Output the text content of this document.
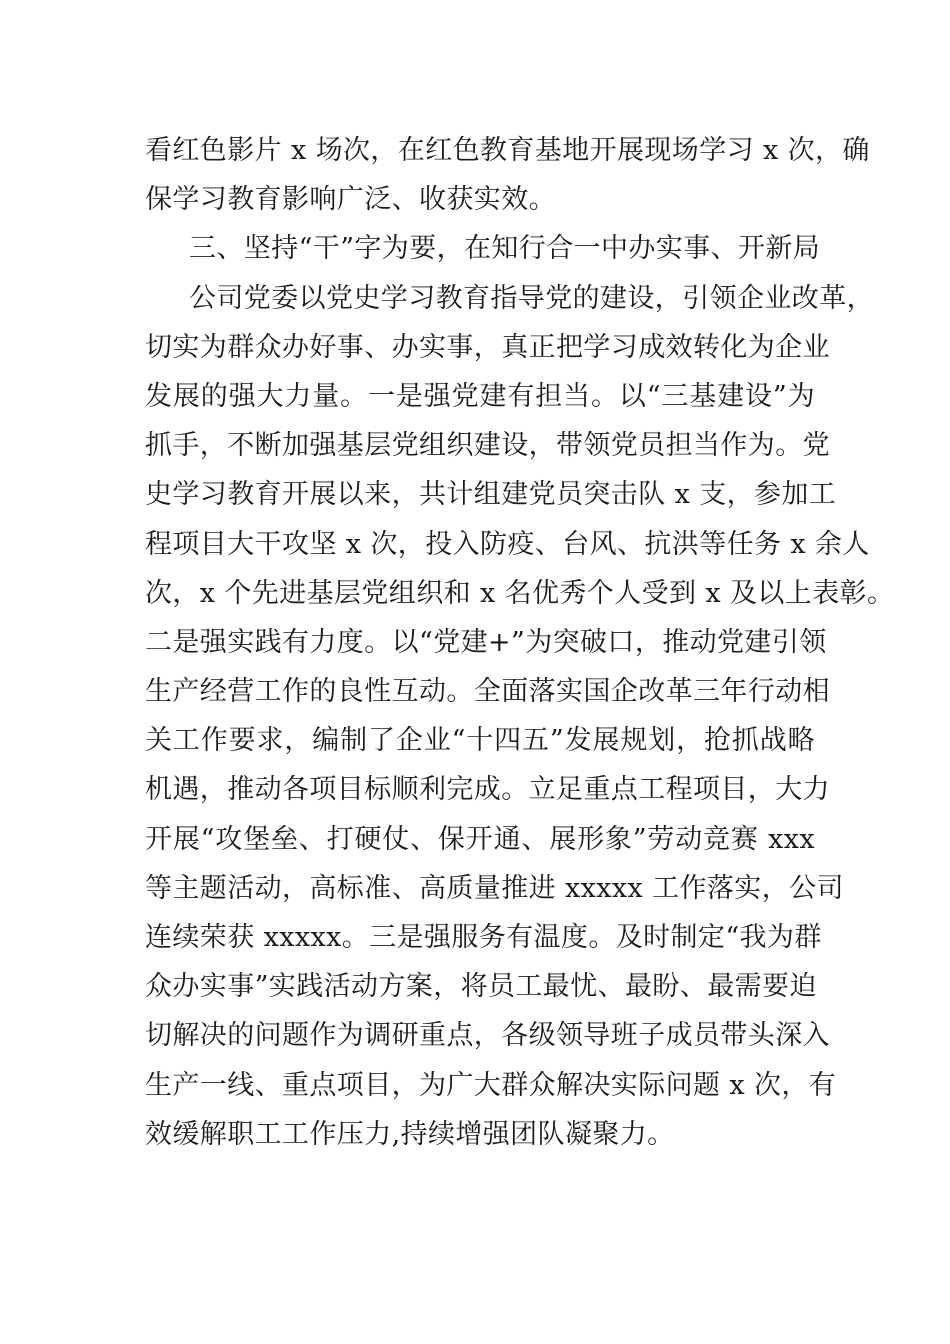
看红色影片 x 场次，在红色教育基地开展现场学习 x 次，确
保学习教育影响广泛、收获实效。
三、坚持“干”字为要，在知行合一中办实事、开新局
公司党委以党史学习教育指导党的建设，引领企业改革，
切实为群众办好事、办实事，真正把学习成效转化为企业
发展的强大力量。一是强党建有担当。以“三基建设”为
抓手，不断加强基层党组织建设，带领党员担当作为。党
史学习教育开展以来，共计组建党员突击队 x 支，参加工
程项目大干攻坚 x 次，投入防疫、台风、抗洪等任务 x 余人
次，x 个先进基层党组织和 x 名优秀个人受到 x 及以上表彰。
二是强实践有力度。以“党建+”为突破口，推动党建引领
生产经营工作的良性互动。全面落实国企改革三年行动相
关工作要求，编制了企业“十四五”发展规划，抢抓战略
机遇，推动各项目标顺利完成。立足重点工程项目，大力
开展“攻堡垒、打硬仗、保开通、展形象”劳动竞赛 xxx
等主题活动，高标准、高质量推进 xxxxx 工作落实，公司
连续荣获 xxxxx。三是强服务有温度。及时制定“我为群
众办实事”实践活动方案，将员工最忧、最盼、最需要迫
切解决的问题作为调研重点，各级领导班子成员带头深入
生产一线、重点项目，为广大群众解决实际问题 x 次，有
效缓解职工工作压力,持续增强团队凝聚力。
